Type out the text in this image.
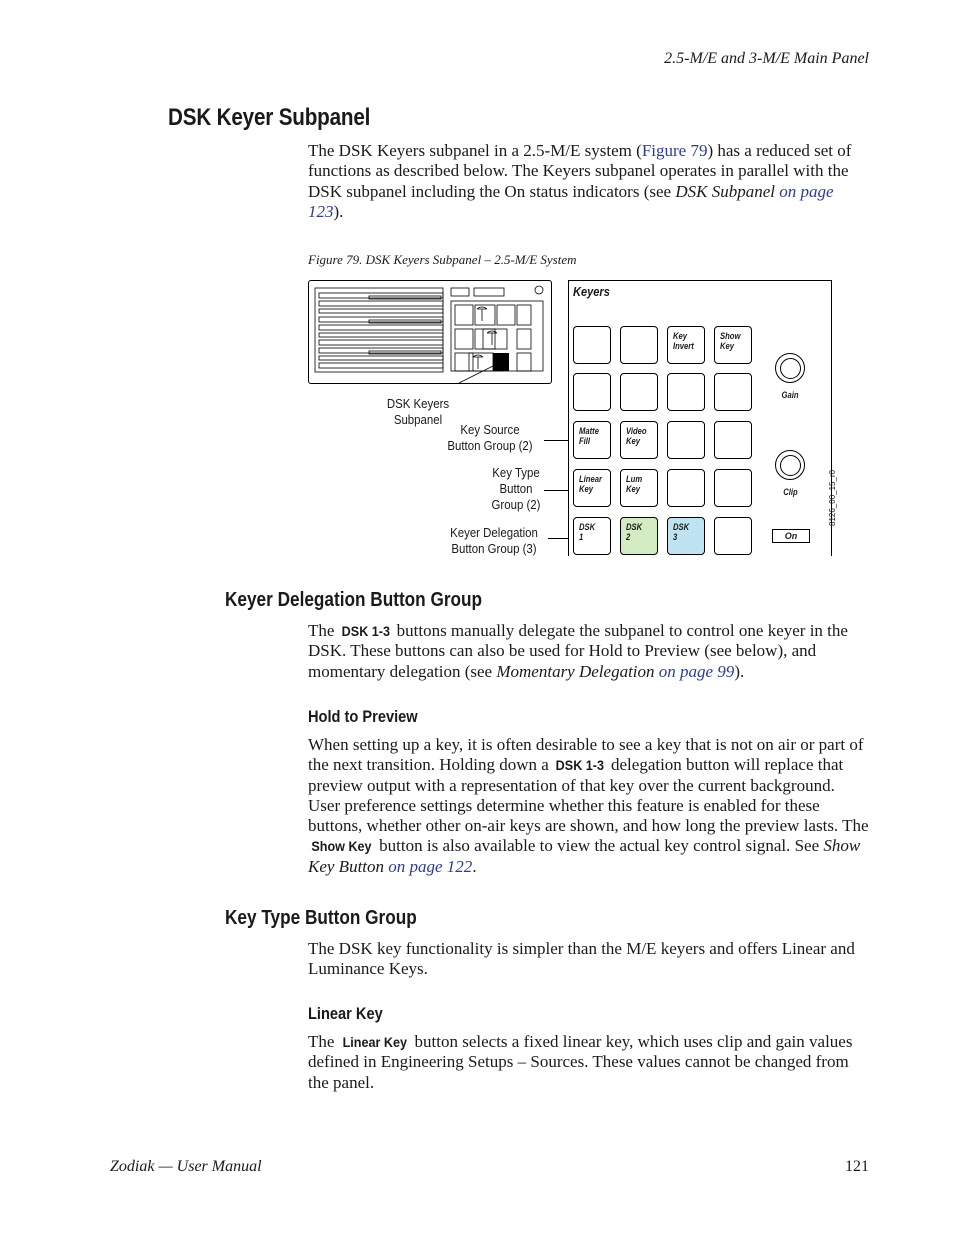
2.5-M/E and 3-M/E Main Panel
DSK Keyer Subpanel

The DSK Keyers subpanel in a 2.5-M/E system (Figure 79) has a reduced set of functions as described below. The Keyers subpanel operates in parallel with the DSK subpanel including the On status indicators (see DSK Subpanel on page 123).

Figure 79. DSK Keyers Subpanel – 2.5-M/E System
DSK Keyers
Subpanel
Key Source
Button Group (2)
Key Type
Button
Group (2)
Keyer Delegation
Button Group (3)
Keyers
Key
Invert
Show
Key
Matte
Fill
Video
Key
Linear
Key
Lum
Key
DSK
1
DSK
2
DSK
3
Gain
Clip
On
8126_00_15_r0
Keyer Delegation Button Group

The DSK 1-3 buttons manually delegate the subpanel to control one keyer in the DSK. These buttons can also be used for Hold to Preview (see below), and momentary delegation (see Momentary Delegation on page 99).

Hold to Preview

When setting up a key, it is often desirable to see a key that is not on air or part of the next transition. Holding down a DSK 1-3 delegation button will replace that preview output with a representation of that key over the current background. User preference settings determine whether this feature is enabled for these buttons, whether other on-air keys are shown, and how long the preview lasts. The Show Key button is also available to view the actual key control signal. See Show Key Button on page 122.

Key Type Button Group

The DSK key functionality is simpler than the M/E keyers and offers Linear and Luminance Keys.

Linear Key

The Linear Key button selects a fixed linear key, which uses clip and gain values defined in Engineering Setups – Sources. These values cannot be changed from the panel.

Zodiak — User Manual	121
